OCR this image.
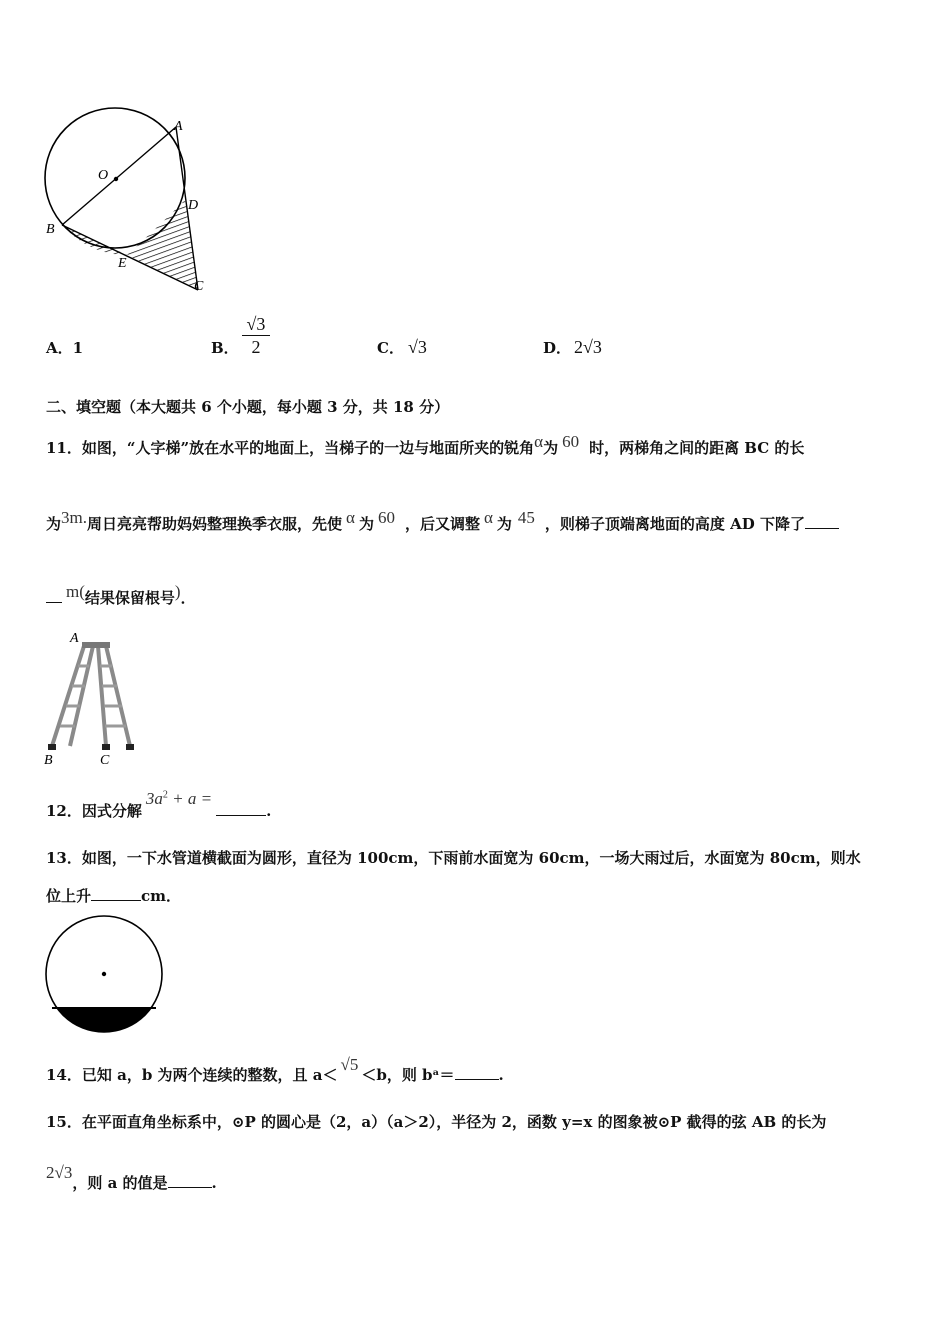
O
A
B
C
D
E
A．1	B． $\frac{√3}{2}$	C． √3	D． 2√3
二、填空题（本大题共 6 个小题，每小题 3 分，共 18 分）
11．如图，“人字梯”放在水平的地面上，当梯子的一边与地面所夹的锐角$^\alpha$为 $^{60}$ 时，两梯角之间的距离 BC 的长
为$^{3m.}$周日亮亮帮助妈妈整理换季衣服，先使 $^\alpha$ 为 $^{60}$ ，后又调整 $^\alpha$ 为 $^{45}$ ，则梯子顶端离地面的高度 AD 下降了
$^{m(}$结果保留根号)．
A
B	C
12．因式分解$3a^2 + a$ =.
13．如图，一下水管道横截面为圆形，直径为 100cm，下雨前水面宽为 60cm，一场大雨过后，水面宽为 80cm，则水
位上升	cm．
14．已知 a，b 为两个连续的整数，且 a＜√5＜b，则 bᵃ＝	.
15．在平面直角坐标系中，⊙P 的圆心是（2，a）（a＞2），半径为 2，函数 y=x 的图象被⊙P 截得的弦 AB 的长为
2√3，则 a 的值是	.
